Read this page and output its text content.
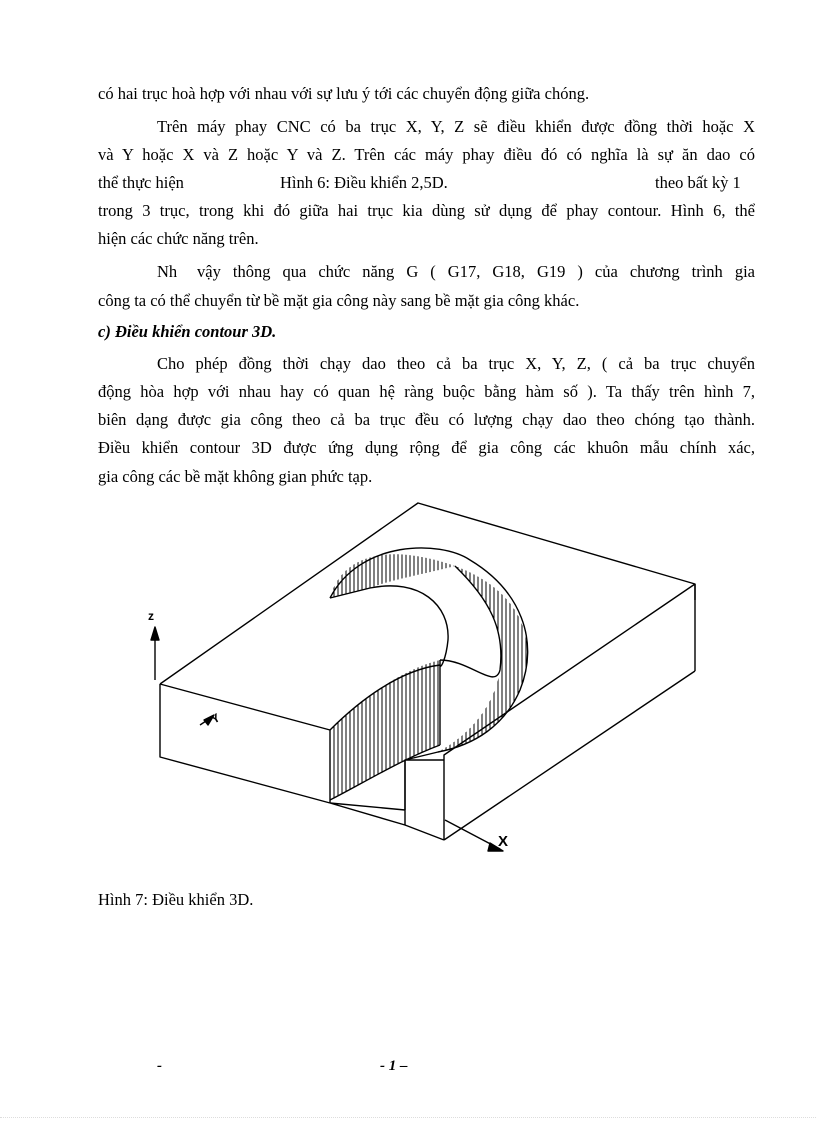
có hai trục hoà hợp với nhau với sự lưu ý tới các chuyển động giữa chóng.
Trên máy phay CNC có ba trục X, Y, Z sẽ điều khiển được đồng thời hoặc X
và Y hoặc X và Z hoặc Y và Z. Trên các máy phay điều đó có nghĩa là sự ăn dao có
thể thực hiện	Hình 6: Điều khiển 2,5D.	theo bất kỳ 1
trong 3 trục, trong khi đó giữa hai trục kia dùng sử dụng để phay contour. Hình 6, thể
hiện các chức năng trên.
Nh vậy thông qua chức năng G ( G17, G18, G19 ) của chương trình gia
công ta có thể chuyển từ bề mặt gia công này sang bề mặt gia công khác.
c) Điều khiển contour 3D.
Cho phép đồng thời chạy dao theo cả ba trục X, Y, Z, ( cả ba trục chuyển
động hòa hợp với nhau hay có quan hệ ràng buộc bằng hàm số ). Ta thấy trên hình 7,
biên dạng được gia công theo cả ba trục đều có lượng chạy dao theo chóng tạo thành.
Điều khiển contour 3D được ứng dụng rộng để gia công các khuôn mẫu chính xác,
gia công các bề mặt không gian phức tạp.
z
Y
X
Hình 7: Điều khiển 3D.
-	- 1 –
